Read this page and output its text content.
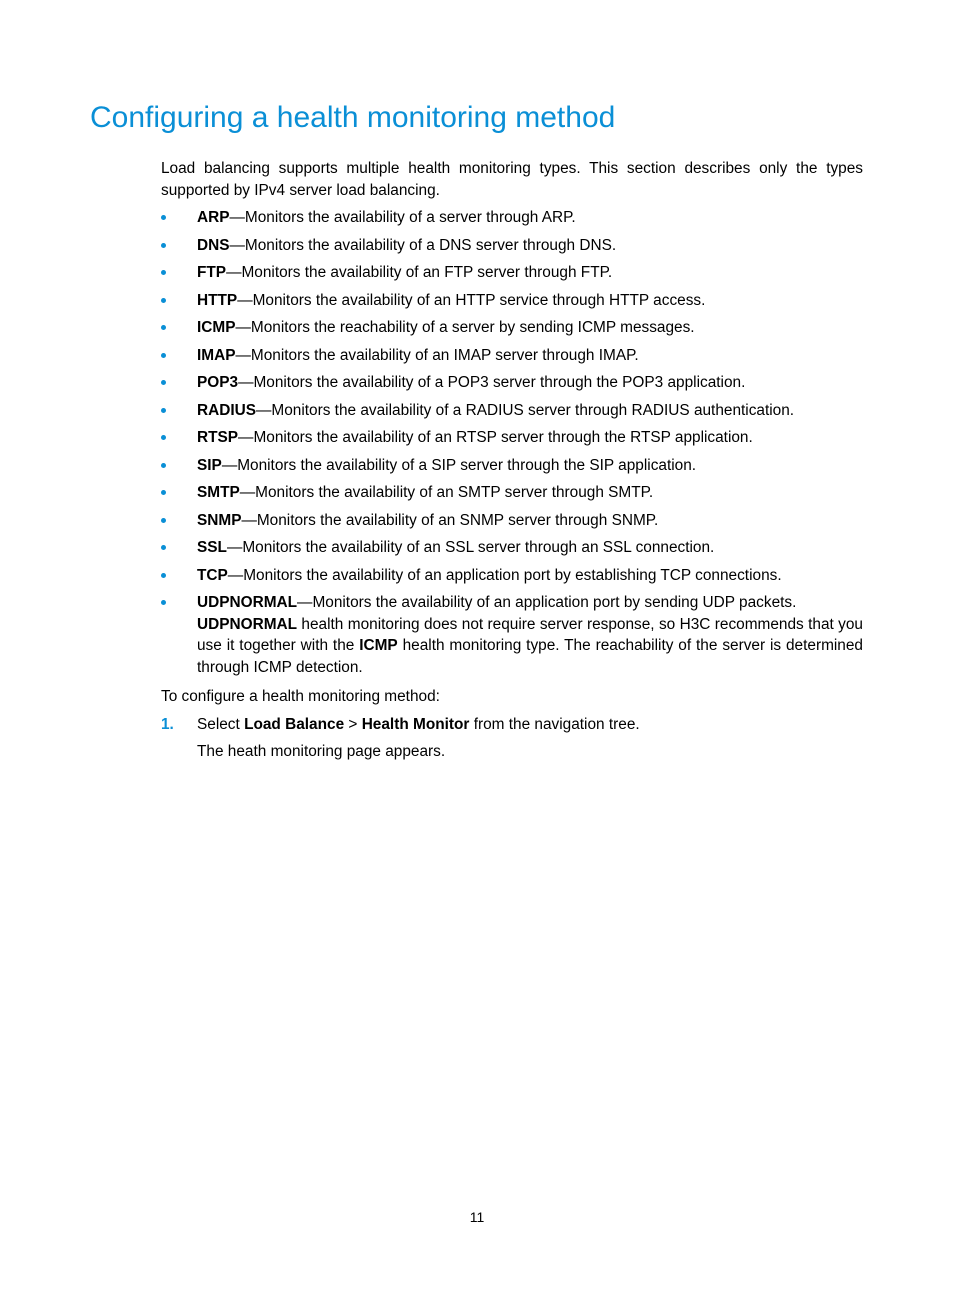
Configuring a health monitoring method

Load balancing supports multiple health monitoring types. This section describes only the types supported by IPv4 server load balancing.

ARP—Monitors the availability of a server through ARP.
DNS—Monitors the availability of a DNS server through DNS.
FTP—Monitors the availability of an FTP server through FTP.
HTTP—Monitors the availability of an HTTP service through HTTP access.
ICMP—Monitors the reachability of a server by sending ICMP messages.
IMAP—Monitors the availability of an IMAP server through IMAP.
POP3—Monitors the availability of a POP3 server through the POP3 application.
RADIUS—Monitors the availability of a RADIUS server through RADIUS authentication.
RTSP—Monitors the availability of an RTSP server through the RTSP application.
SIP—Monitors the availability of a SIP server through the SIP application.
SMTP—Monitors the availability of an SMTP server through SMTP.
SNMP—Monitors the availability of an SNMP server through SNMP.
SSL—Monitors the availability of an SSL server through an SSL connection.
TCP—Monitors the availability of an application port by establishing TCP connections.
UDPNORMAL—Monitors the availability of an application port by sending UDP packets.
UDPNORMAL health monitoring does not require server response, so H3C recommends that you use it together with the ICMP health monitoring type. The reachability of the server is determined through ICMP detection.

To configure a health monitoring method:

1. Select Load Balance > Health Monitor from the navigation tree.

The heath monitoring page appears.

11
